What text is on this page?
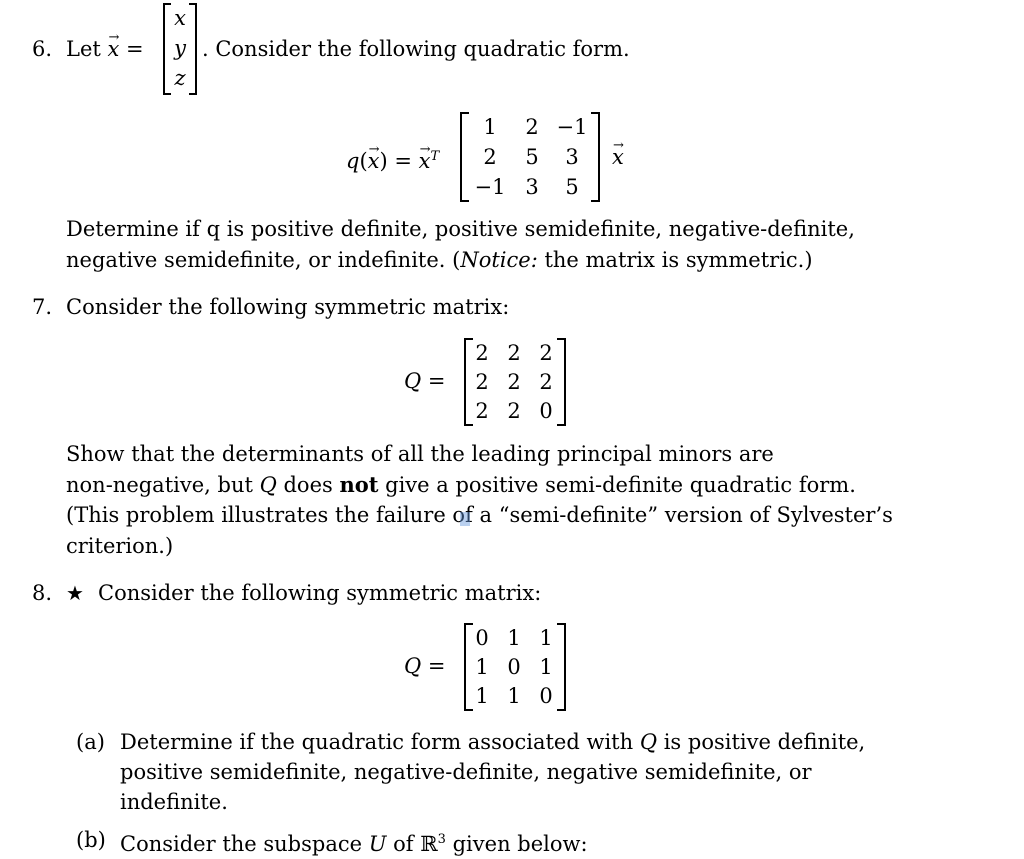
6. Let → x =
x
y
z
. Consider the following quadratic form.
q(→ x) = → $x^T$
1	2 −1
2	5	3
−1 3	5
→ x
Determine if q is positive definite, positive semidefinite, negative-definite,
negative semidefinite, or indefinite. (Notice: the matrix is symmetric.)
7. Consider the following symmetric matrix:
Q =
2 2 2
2 2 2
2 2 0
Show that the determinants of all the leading principal minors are
non-negative, but Q does not give a positive semi-definite quadratic form.
(This problem illustrates the failure of a “semi-definite” version of Sylvester’s
criterion.)
8. ★ Consider the following symmetric matrix:
Q =
0 1 1
1 0 1
1 1 0
(a) Determine if the quadratic form associated with Q is positive definite,
positive semidefinite, negative-definite, negative semidefinite, or
indefinite.
(b) Consider the subspace U of ℝ$^3$ given below:
